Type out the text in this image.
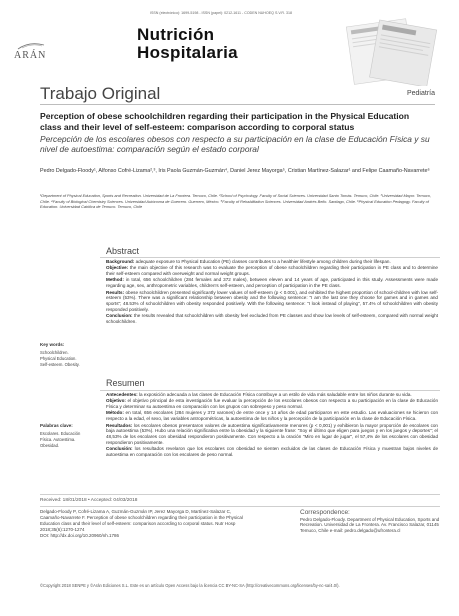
ISSN (electrónico): 1699-5198 - ISSN (papel): 0212-1611 - CODEN NUHOEQ S.V.R. 318
ARÁN
Nutrición
Hospitalaria
Trabajo Original	Pediatría
Perception of obese schoolchildren regarding their participation in the Physical Education class and their level of self-esteem: comparison according to corporal status
Percepción de los escolares obesos con respecto a su participación en la clase de Educación Física y su nivel de autoestima: comparación según el estado corporal
Pedro Delgado-Floody¹, Alfonso Cofré-Lizama²,³, Iris Paola Guzmán-Guzmán⁴, Daniel Jerez Mayorga⁵, Cristian Martínez-Salazar¹ and Felipe Caamaño-Navarrete⁶
¹Department of Physical Education, Sports and Recreation. Universidad de La Frontera. Temuco, Chile. ²School of Psychology. Faculty of Social Sciences. Universidad Santo Tomás. Temuco, Chile. ³Universidad Mayor. Temuco, Chile. ⁴Faculty of Biological Chemistry Sciences. Universidad Autónoma de Guerrero. Guerrero, México. ⁵Faculty of Rehabilitation Sciences. Universidad Andrés Bello. Santiago, Chile. ⁶Physical Education Pedagogy. Faculty of Education. Universidad Católica de Temuco. Temuco, Chile
Abstract

Background: adequate exposure to Physical Education (PE) classes contributes to a healthier lifestyle among children during their lifespan.

Objective: the main objective of this research was to evaluate the perception of obese schoolchildren regarding their participation in PE class and to determine their self-esteem compared with overweight and normal weight groups.

Method: in total, 656 schoolchildren (284 females and 372 males), between eleven and 14 years of age, participated in this study. Assessments were made regarding age, sex, anthropometric variables, children's self-esteem, and perception of participation in the PE class.

Results: obese schoolchildren presented significantly lower values of self-esteem (p < 0.001), and exhibited the highest proportion of school-children with low self-esteem (53%). There was a significant relationship between obesity and the following sentence: "I am the last one they choose for games and in games and sports"; 48.53% of schoolchildren with obesity responded positively. With the following sentence: "I look instead of playing", 57.4% of schoolchildren with obesity responded positively.

Conclusion: the results revealed that schoolchildren with obesity feel excluded from PE classes and show low levels of self-esteem, compared with normal weight schoolchildren.

Key words:
Schoolchildren.
Physical Education.
Self-esteem. Obesity.
Resumen

Antecedentes: la exposición adecuada a las clases de Educación Física contribuye a un estilo de vida más saludable entre los niños durante su vida.

Objetivo: el objetivo principal de esta investigación fue evaluar la percepción de los escolares obesos con respecto a su participación en la clase de Educación Física y determinar su autoestima en comparación con los grupos con sobrepeso y peso normal.

Método: en total, 656 escolares (284 mujeres y 372 varones) de entre once y 14 años de edad participaron en este estudio. Las evaluaciones se hicieron con respecto a la edad, el sexo, las variables antropométricas, la autoestima de los niños y la percepción de la participación en la clase de Educación Física.

Resultados: los escolares obesos presentaron valores de autoestima significativamente menores (p < 0,001) y exhibieron la mayor proporción de escolares con baja autoestima (53%). Hubo una relación significativa entre la obesidad y la siguiente frase: "Soy el último que eligen para juegos y en los juegos y deportes"; el 48,53% de los escolares con obesidad respondieron positivamente. Con respecto a la oración "Miro en lugar de jugar", el 57,4% de los escolares con obesidad respondieron positivamente.

Conclusión: los resultados revelaron que los escolares con obesidad se sienten excluidos de las clases de Educación Física y muestran bajos niveles de autoestima en comparación con los escolares de peso normal.

Palabras clave:
Escolares. Educación
Física. Autoestima.
Obesidad.
Received: 18/01/2018 • Accepted: 04/03/2018
Delgado-Floody P, Cofré-Lizama A, Guzmán-Guzmán IP, Jerez Mayorga D, Martínez-Salazar C, Caamaño-Navarrete F. Perception of obese schoolchildren regarding their participation in the Physical Education class and their level of self-esteem: comparison according to corporal status. Nutr Hosp 2018;35(6):1270-1274
DOI: http://dx.doi.org/10.20960/nh.1786
Correspondence:
Pedro Delgado-Floody. Department of Physical Education, Sports and Recreation. Universidad de La Frontera. Av. Francisco Salazar, 01145 Temuco, Chile e-mail: pedro.delgado@ufrontera.cl
©Copyright 2018 SENPE y ©Arán Ediciones S.L. Este es un artículo Open Access bajo la licencia CC BY-NC-SA (http://creativecommons.org/licenses/by-nc-sa/4.0/).
